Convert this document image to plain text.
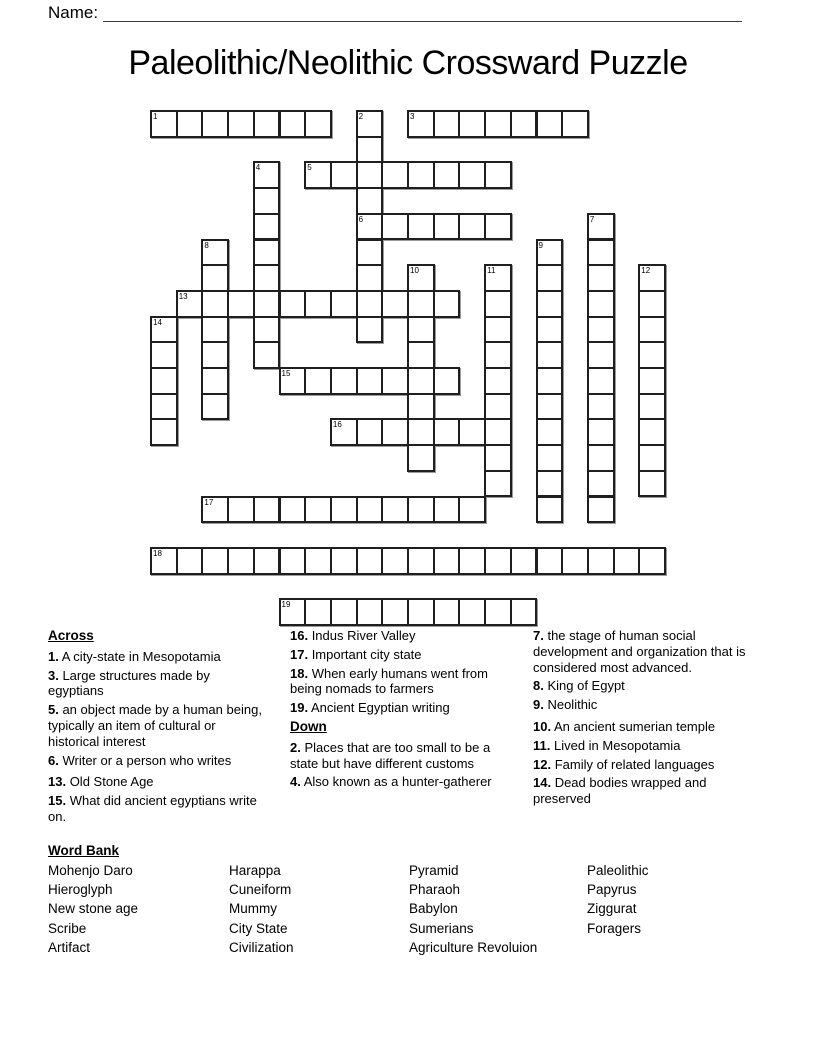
Name:
Paleolithic/Neolithic Crossward Puzzle
1	2
6
3
4	5
7
8	9
10	11	12
13
14
15
16
17
18
19
Across

1. A city-state in Mesopotamia

3. Large structures made by egyptians

5. an object made by a human being, typically an item of cultural or historical interest

6. Writer or a person who writes

13. Old Stone Age

15. What did ancient egyptians write on.

16. Indus River Valley

17. Important city state

18. When early humans went from being nomads to farmers

19. Ancient Egyptian writing

Down

2. Places that are too small to be a state but have different customs

4. Also known as a hunter-gatherer

7. the stage of human social development and organization that is considered most advanced.

8. King of Egypt

9. Neolithic

10. An ancient sumerian temple

11. Lived in Mesopotamia

12. Family of related languages

14. Dead bodies wrapped and preserved

Word Bank
Mohenjo Daro
Hieroglyph
New stone age
Scribe
Artifact
Harappa
Cuneiform
Mummy
City State
Civilization
Pyramid
Pharaoh
Babylon
Sumerians
Agriculture Revoluion
Paleolithic
Papyrus
Ziggurat
Foragers
